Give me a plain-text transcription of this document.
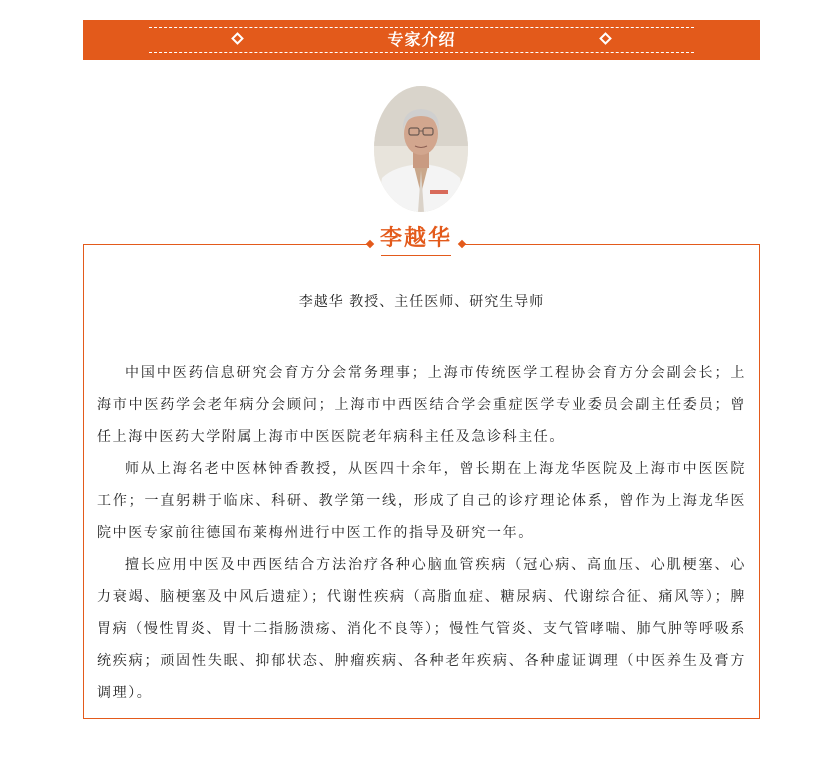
专家介绍
李越华
李越华 教授、主任医师、研究生导师

中国中医药信息研究会育方分会常务理事；上海市传统医学工程协会育方分会副会长；上海市中医药学会老年病分会顾问；上海市中西医结合学会重症医学专业委员会副主任委员；曾任上海中医药大学附属上海市中医医院老年病科主任及急诊科主任。

师从上海名老中医林钟香教授，从医四十余年，曾长期在上海龙华医院及上海市中医医院工作；一直躬耕于临床、科研、教学第一线，形成了自己的诊疗理论体系，曾作为上海龙华医院中医专家前往德国布莱梅州进行中医工作的指导及研究一年。

擅长应用中医及中西医结合方法治疗各种心脑血管疾病（冠心病、高血压、心肌梗塞、心力衰竭、脑梗塞及中风后遗症）；代谢性疾病（高脂血症、糖尿病、代谢综合征、痛风等）；脾胃病（慢性胃炎、胃十二指肠溃疡、消化不良等）；慢性气管炎、支气管哮喘、肺气肿等呼吸系统疾病；顽固性失眠、抑郁状态、肿瘤疾病、各种老年疾病、各种虚证调理（中医养生及膏方调理）。
